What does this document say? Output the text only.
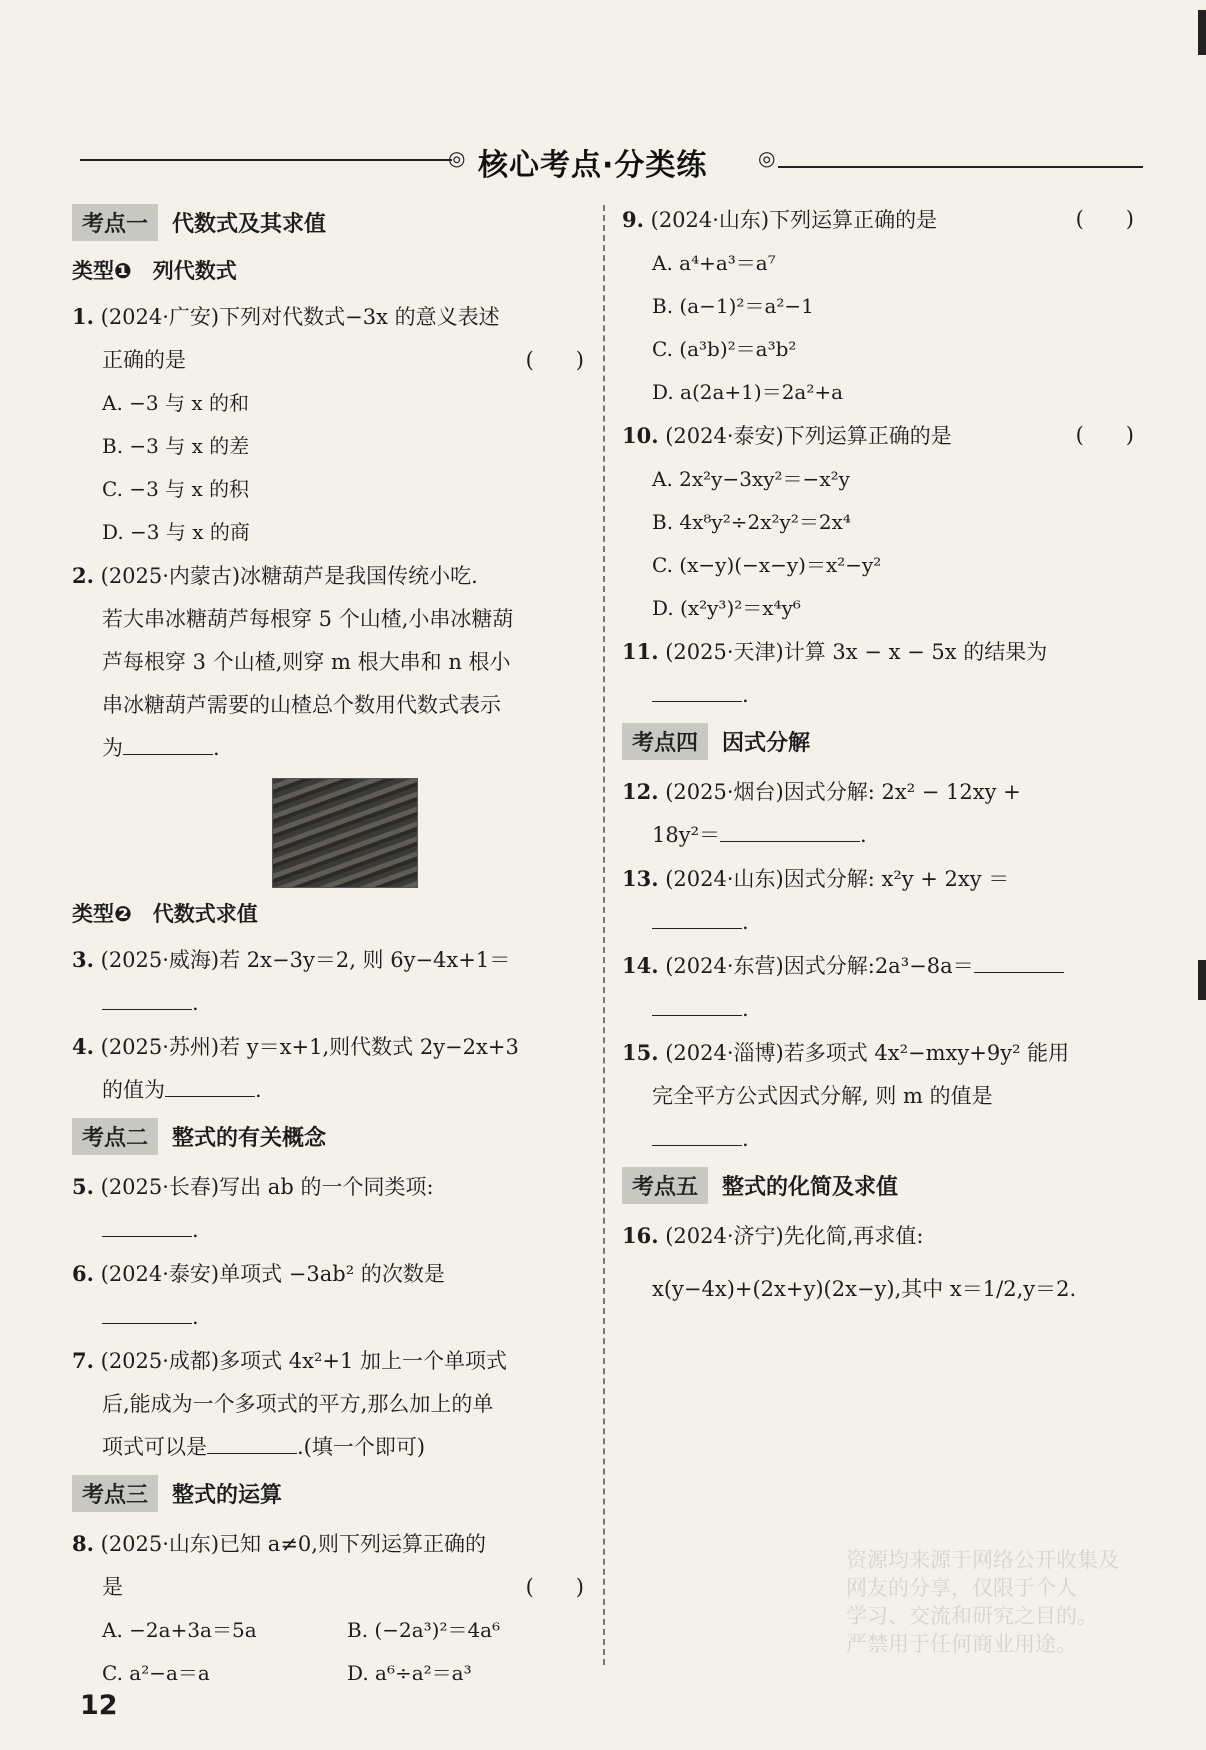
◎ 核心考点·分类练	◎
考点一 代数式及其求值
类型❶　列代数式
1. (2024·广安)下列对代数式−3x 的意义表述
正确的是	(　　)
A. −3 与 x 的和
B. −3 与 x 的差
C. −3 与 x 的积
D. −3 与 x 的商
2. (2025·内蒙古)冰糖葫芦是我国传统小吃.
若大串冰糖葫芦每根穿 5 个山楂,小串冰糖葫
芦每根穿 3 个山楂,则穿 m 根大串和 n 根小
串冰糖葫芦需要的山楂总个数用代数式表示
为	.
类型❷　代数式求值
3. (2025·威海)若 2x−3y＝2, 则 6y−4x+1＝
.
4. (2025·苏州)若 y＝x+1,则代数式 2y−2x+3
的值为	.
考点二 整式的有关概念
5. (2025·长春)写出 ab 的一个同类项:
.
6. (2024·泰安)单项式 −3ab² 的次数是
.
7. (2025·成都)多项式 4x²+1 加上一个单项式
后,能成为一个多项式的平方,那么加上的单
项式可以是	.(填一个即可)
考点三 整式的运算
8. (2025·山东)已知 a≠0,则下列运算正确的
是	(　　)
A. −2a+3a＝5a	B. (−2a³)²＝4a⁶
C. a²−a＝a	D. a⁶÷a²＝a³
9. (2024·山东)下列运算正确的是	(　　)
A. a⁴+a³＝a⁷
B. (a−1)²＝a²−1
C. (a³b)²＝a³b²
D. a(2a+1)＝2a²+a
10. (2024·泰安)下列运算正确的是	(　　)
A. 2x²y−3xy²＝−x²y
B. 4x⁸y²÷2x²y²＝2x⁴
C. (x−y)(−x−y)＝x²−y²
D. (x²y³)²＝x⁴y⁶
11. (2025·天津)计算 3x − x − 5x 的结果为
.
考点四 因式分解
12. (2025·烟台)因式分解: 2x² − 12xy +
18y²＝	.
13. (2024·山东)因式分解: x²y + 2xy ＝
.
14. (2024·东营)因式分解:2a³−8a＝
.
15. (2024·淄博)若多项式 4x²−mxy+9y² 能用
完全平方公式因式分解, 则 m 的值是
.
考点五 整式的化简及求值
16. (2024·济宁)先化简,再求值:
x(y−4x)+(2x+y)(2x−y),其中 x＝1/2,y＝2.
12
资源均来源于网络公开收集及
网友的分享，仅限于个人
学习、交流和研究之目的。
严禁用于任何商业用途。
